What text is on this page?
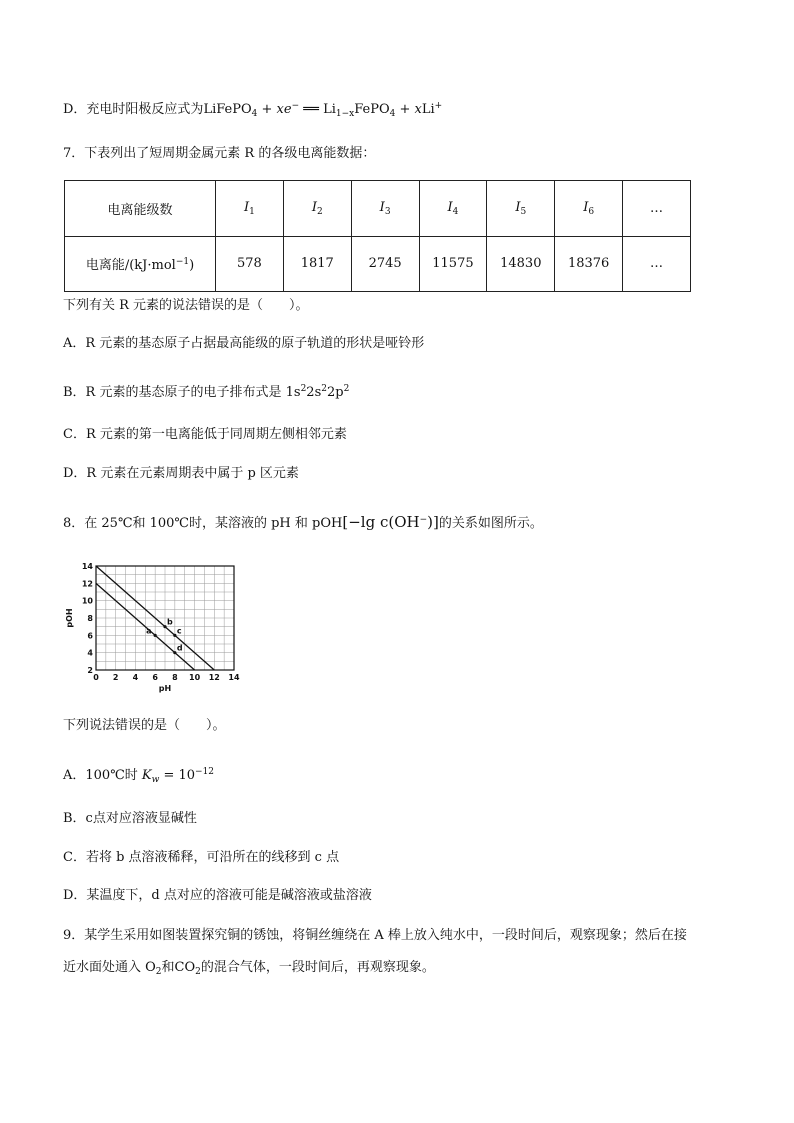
D．充电时阳极反应式为LiFePO$_4$ + xe− ══ $Li_{1-x}FePO_4 + xLi^+$
7．下表列出了短周期金属元素 R 的各级电离能数据：
电离能级数	$I_1$	$I_2$	$I_3$	$I_4$	$I_5$	$I_6$	…
电离能/(kJ·mol$^{-1}$)	578	1817	2745	11575	14830	18376	…
下列有关 R 元素的说法错误的是（　　）。
A．R 元素的基态原子占据最高能级的原子轨道的形状是哑铃形
B．R 元素的基态原子的电子排布式是 $1s^22s^22p^2$
C．R 元素的第一电离能低于同周期左侧相邻元素
D．R 元素在元素周期表中属于 p 区元素
8．在 25℃和 100℃时，某溶液的 pH 和 pOH[−lg c(OH−)]的关系如图所示。
a
b
c
d
0 2 4 6 8 10 12 14
2
4
6
8
10
12
14
pH
pOH
下列说法错误的是（　　）。
A．100℃时 $K_w = 10^{-12}$
B．c点对应溶液显碱性
C．若将 b 点溶液稀释，可沿所在的线移到 c 点
D．某温度下，d 点对应的溶液可能是碱溶液或盐溶液
9．某学生采用如图装置探究铜的锈蚀，将铜丝缠绕在 A 棒上放入纯水中，一段时间后，观察现象；然后在接
近水面处通入 $O_2$和$CO_2$的混合气体，一段时间后，再观察现象。
